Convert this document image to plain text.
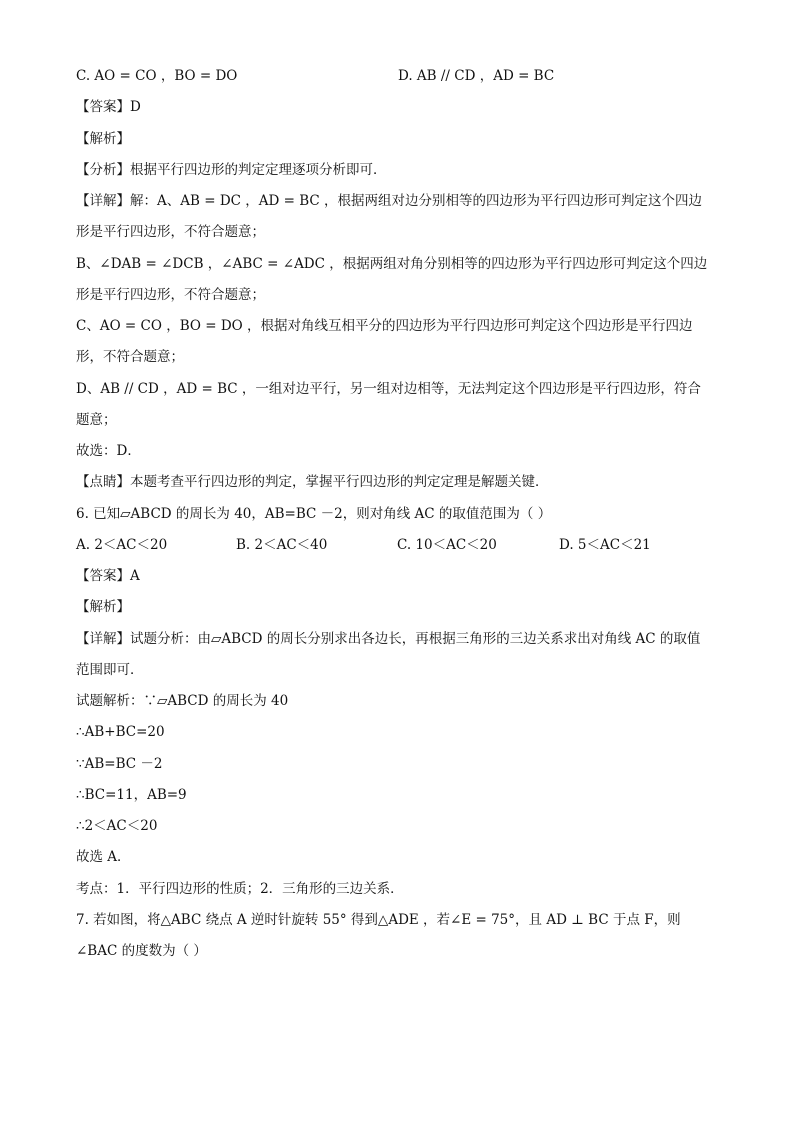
C. AO = CO ，BO = DO	D. AB // CD ，AD = BC
【答案】D
【解析】
【分析】根据平行四边形的判定定理逐项分析即可．
【详解】解：A、AB = DC ，AD = BC ，根据两组对边分别相等的四边形为平行四边形可判定这个四边
形是平行四边形，不符合题意；
B、∠DAB = ∠DCB ，∠ABC = ∠ADC ，根据两组对角分别相等的四边形为平行四边形可判定这个四边
形是平行四边形，不符合题意；
C、AO = CO ，BO = DO ，根据对角线互相平分的四边形为平行四边形可判定这个四边形是平行四边
形，不符合题意；
D、AB // CD ，AD = BC ，一组对边平行，另一组对边相等，无法判定这个四边形是平行四边形，符合
题意；
故选：D．
【点睛】本题考查平行四边形的判定，掌握平行四边形的判定定理是解题关键．
6. 已知▱ABCD 的周长为 40，AB=BC －2，则对角线 AC 的取值范围为（ ）
A. 2＜AC＜20	B. 2＜AC＜40	C. 10＜AC＜20	D. 5＜AC＜21
【答案】A
【解析】
【详解】试题分析：由▱ABCD 的周长分别求出各边长，再根据三角形的三边关系求出对角线 AC 的取值
范围即可．
试题解析：∵▱ABCD 的周长为 40
∴AB+BC=20
∵AB=BC －2
∴BC=11，AB=9
∴2＜AC＜20
故选 A．
考点：1．平行四边形的性质；2．三角形的三边关系．
7. 若如图，将△ABC 绕点 A 逆时针旋转 55° 得到△ADE ，若∠E = 75°，且 AD ⊥ BC 于点 F，则
∠BAC 的度数为（ ）
